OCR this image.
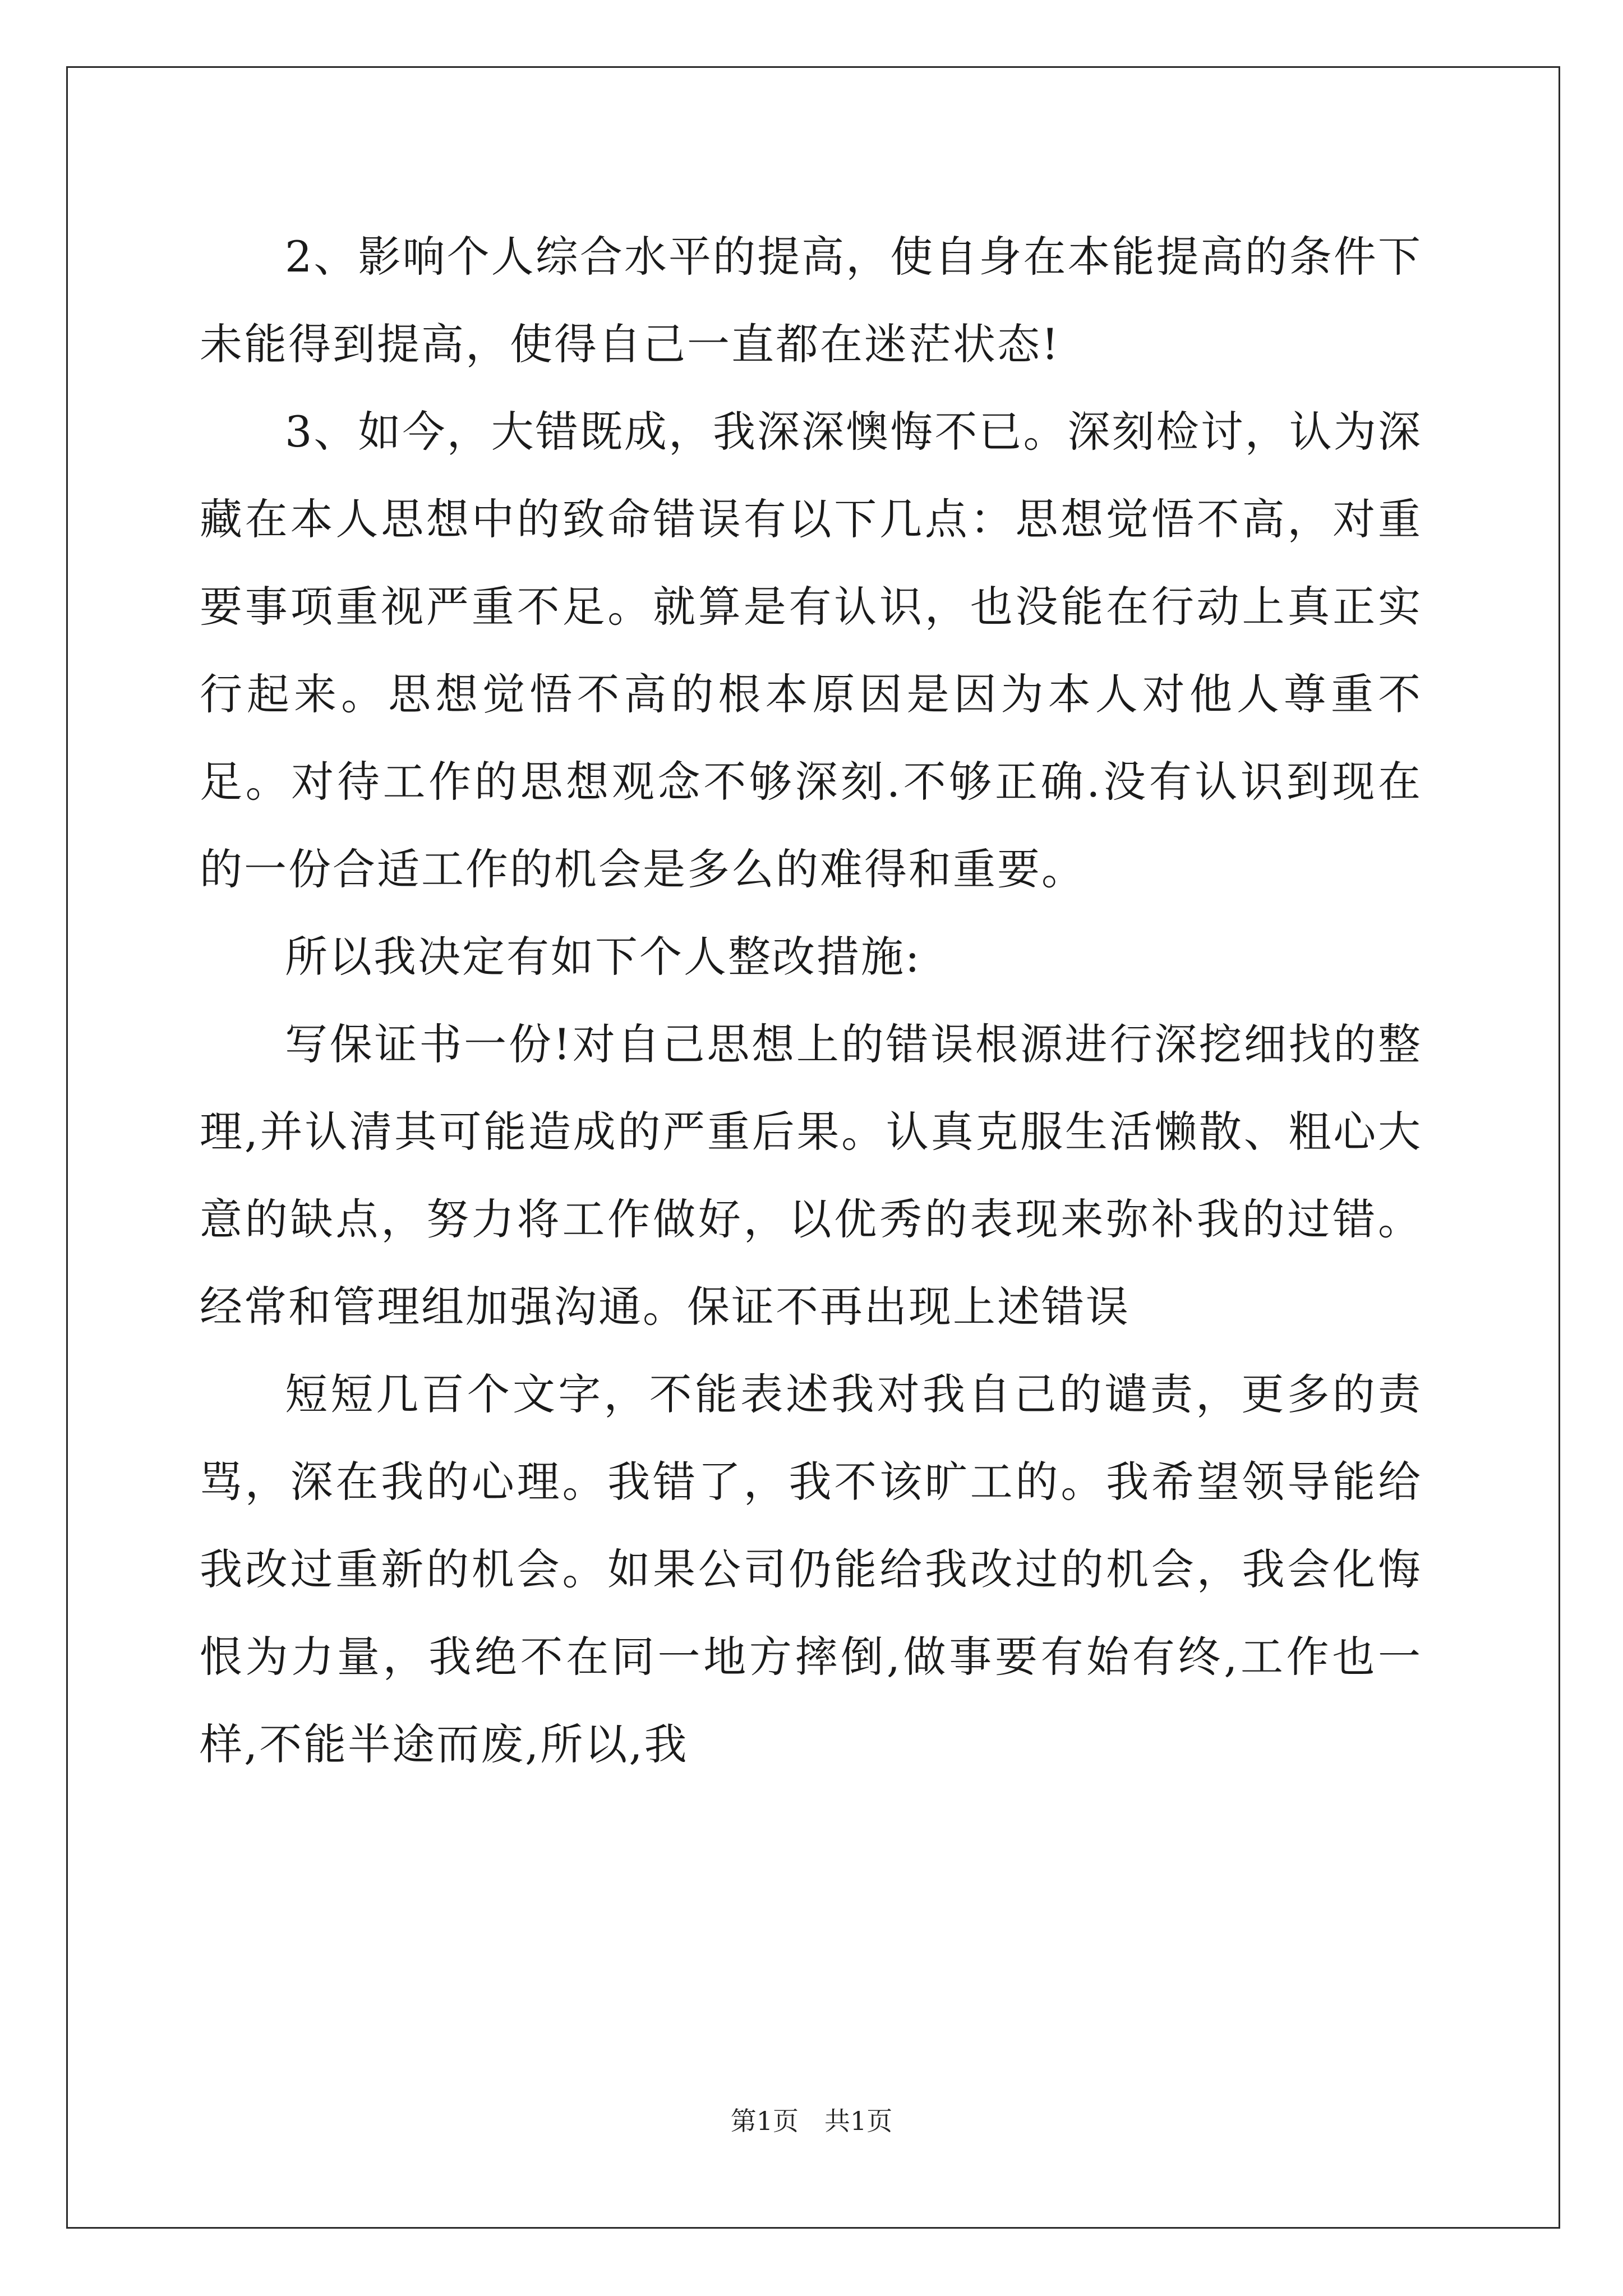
2、影响个人综合水平的提高，使自身在本能提高的条件下未能得到提高，使得自己一直都在迷茫状态!

3、如今，大错既成，我深深懊悔不已。深刻检讨，认为深藏在本人思想中的致命错误有以下几点：思想觉悟不高，对重要事项重视严重不足。就算是有认识，也没能在行动上真正实行起来。思想觉悟不高的根本原因是因为本人对他人尊重不足。对待工作的思想观念不够深刻.不够正确.没有认识到现在的一份合适工作的机会是多么的难得和重要。

所以我决定有如下个人整改措施:

写保证书一份!对自己思想上的错误根源进行深挖细找的整理,并认清其可能造成的严重后果。认真克服生活懒散、粗心大意的缺点，努力将工作做好，以优秀的表现来弥补我的过错。经常和管理组加强沟通。保证不再出现上述错误

短短几百个文字，不能表述我对我自己的谴责，更多的责骂，深在我的心理。我错了，我不该旷工的。我希望领导能给我改过重新的机会。如果公司仍能给我改过的机会，我会化悔恨为力量，我绝不在同一地方摔倒,做事要有始有终,工作也一样,不能半途而废,所以,我

第1页　共1页
